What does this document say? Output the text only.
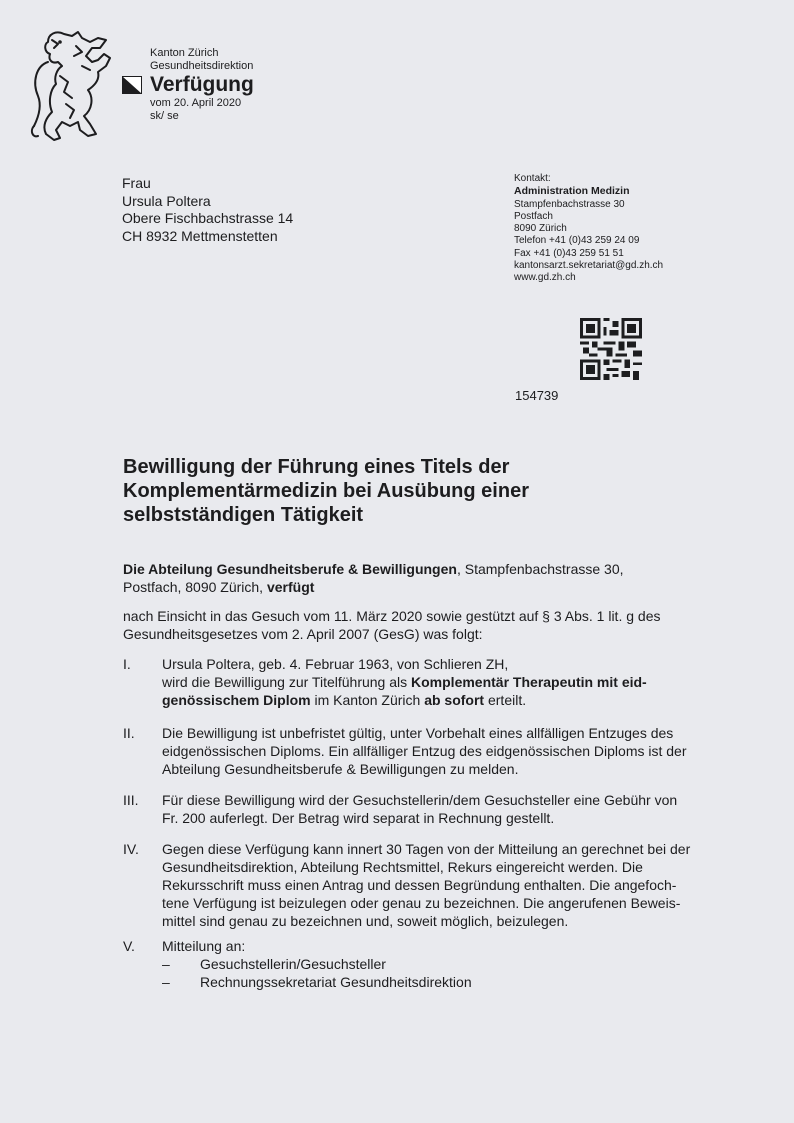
Kanton Zürich
Gesundheitsdirektion
Verfügung
vom 20. April 2020
sk/ se
Frau
Ursula Poltera
Obere Fischbachstrasse 14
CH 8932 Mettmenstetten
Kontakt:
Administration Medizin
Stampfenbachstrasse 30
Postfach
8090 Zürich
Telefon +41 (0)43 259 24 09
Fax +41 (0)43 259 51 51
kantonsarzt.sekretariat@gd.zh.ch
www.gd.zh.ch
154739
Bewilligung der Führung eines Titels der
Komplementärmedizin bei Ausübung einer
selbstständigen Tätigkeit
Die Abteilung Gesundheitsberufe & Bewilligungen, Stampfenbachstrasse 30, Postfach, 8090 Zürich, verfügt
nach Einsicht in das Gesuch vom 11. März 2020 sowie gestützt auf § 3 Abs. 1 lit. g des Gesundheitsgesetzes vom 2. April 2007 (GesG) was folgt:
I.	Ursula Poltera, geb. 4. Februar 1963, von Schlieren ZH,
wird die Bewilligung zur Titelführung als Komplementär Therapeutin mit eid-genössischem Diplom im Kanton Zürich ab sofort erteilt.
II.	Die Bewilligung ist unbefristet gültig, unter Vorbehalt eines allfälligen Entzuges des eidgenössischen Diploms. Ein allfälliger Entzug des eidgenössischen Diploms ist der Abteilung Gesundheitsberufe & Bewilligungen zu melden.
III.	Für diese Bewilligung wird der Gesuchstellerin/dem Gesuchsteller eine Gebühr von Fr. 200 auferlegt. Der Betrag wird separat in Rechnung gestellt.
IV.	Gegen diese Verfügung kann innert 30 Tagen von der Mitteilung an gerechnet bei der Gesundheitsdirektion, Abteilung Rechtsmittel, Rekurs eingereicht werden. Die Rekursschrift muss einen Antrag und dessen Begründung enthalten. Die angefoch-tene Verfügung ist beizulegen oder genau zu bezeichnen. Die angerufenen Beweis-mittel sind genau zu bezeichnen und, soweit möglich, beizulegen.
V.	Mitteilung an:
–	Gesuchstellerin/Gesuchsteller
–	Rechnungssekretariat Gesundheitsdirektion
